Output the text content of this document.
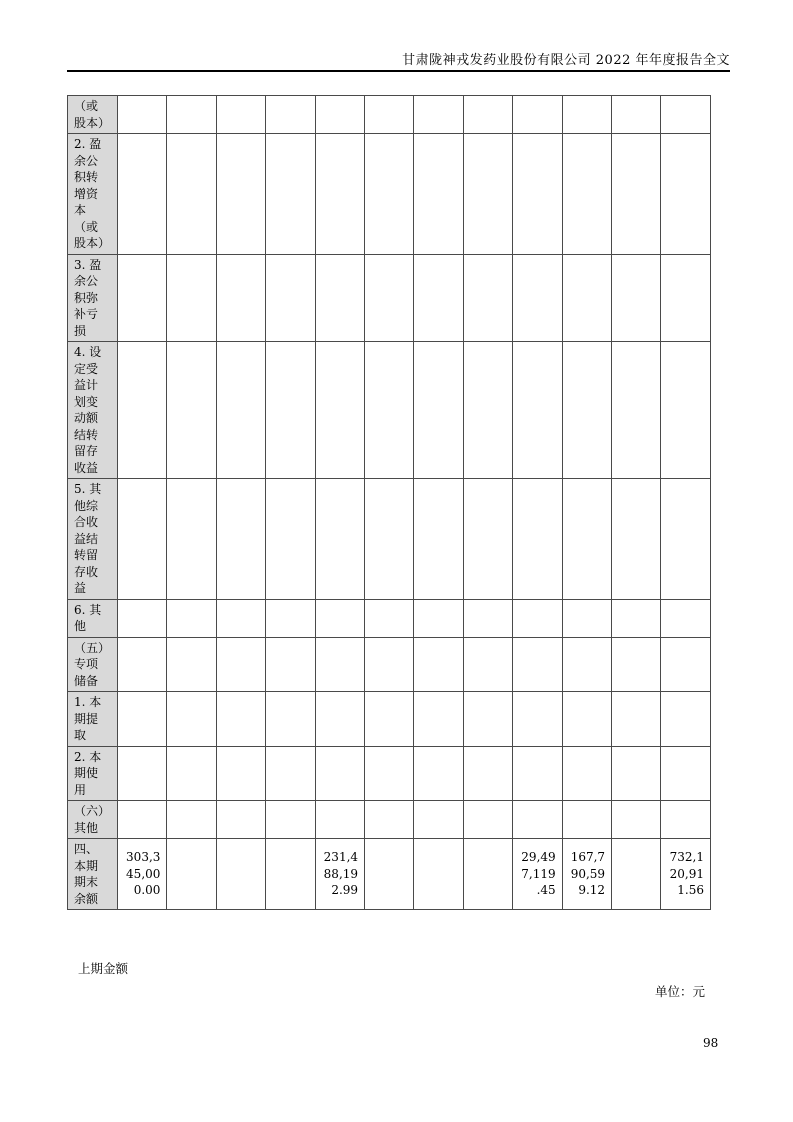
甘肃陇神戎发药业股份有限公司 2022 年年度报告全文
（或股本）												
2. 盈余公积转增资本（或股本）												
3. 盈余公积弥补亏损												
4. 设定受益计划变动额结转留存收益												
5. 其他综合收益结转留存收益												
6. 其他												
（五）专项储备												
1. 本期提取												
2. 本期使用												
（六）其他												
四、本期期末余额	303,3
45,00
0.00				231,4
88,19
2.99				29,49
7,119
.45	167,7
90,59
9.12		732,1
20,91
1.56
上期金额
单位：元
98
